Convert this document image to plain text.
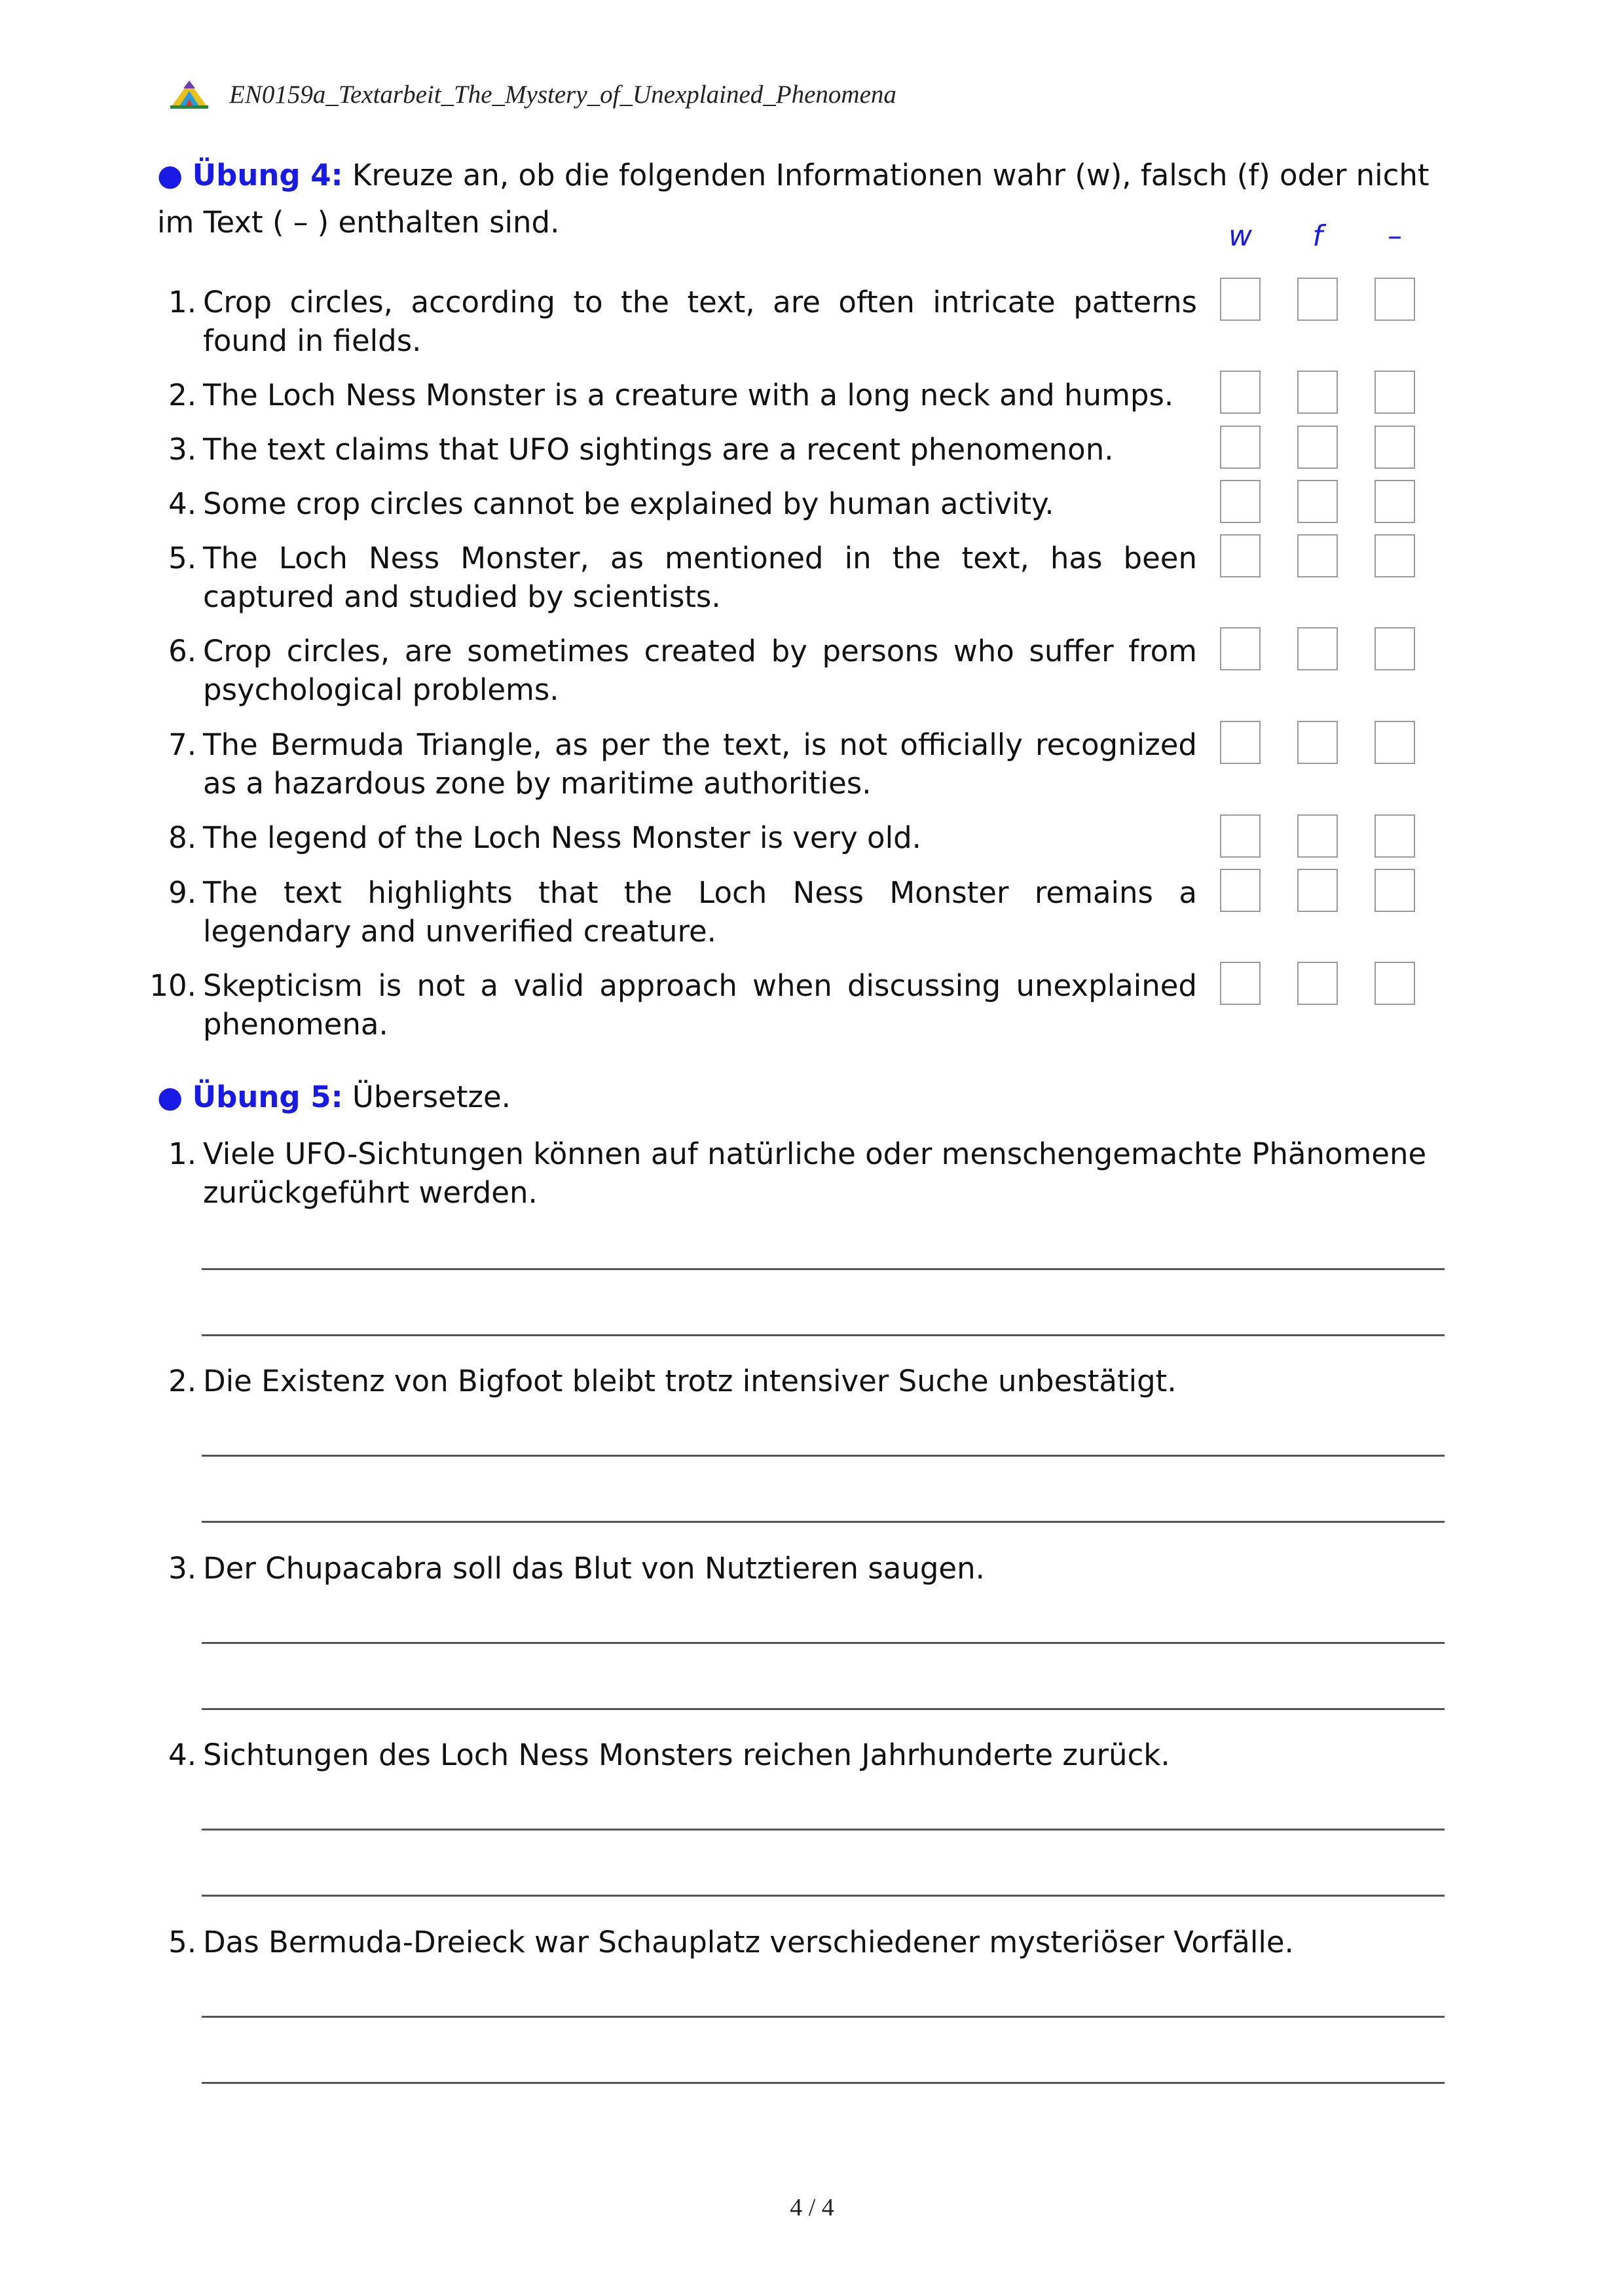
EN0159a_Textarbeit_The_Mystery_of_Unexplained_Phenomena
● Übung 4: Kreuze an, ob die folgenden Informationen wahr (w), falsch (f) oder nicht
im Text ( – ) enthalten sind.	w	f	–
1. Crop circles, according to the text, are often intricate patterns found in fields.
2. The Loch Ness Monster is a creature with a long neck and humps.
3. The text claims that UFO sightings are a recent phenomenon.
4. Some crop circles cannot be explained by human activity.
5. The Loch Ness Monster, as mentioned in the text, has been captured and studied by scientists.
6. Crop circles, are sometimes created by persons who suffer from psychological problems.
7. The Bermuda Triangle, as per the text, is not officially recognized as a hazardous zone by maritime authorities.
8. The legend of the Loch Ness Monster is very old.
9. The text highlights that the Loch Ness Monster remains a legendary and unverified creature.
10. Skepticism is not a valid approach when discussing unexplained phenomena.
● Übung 5: Übersetze.
1. Viele UFO-Sichtungen können auf natürliche oder menschengemachte Phänomene zurückgeführt werden.
2. Die Existenz von Bigfoot bleibt trotz intensiver Suche unbestätigt.
3. Der Chupacabra soll das Blut von Nutztieren saugen.
4. Sichtungen des Loch Ness Monsters reichen Jahrhunderte zurück.
5. Das Bermuda-Dreieck war Schauplatz verschiedener mysteriöser Vorfälle.
4 / 4
